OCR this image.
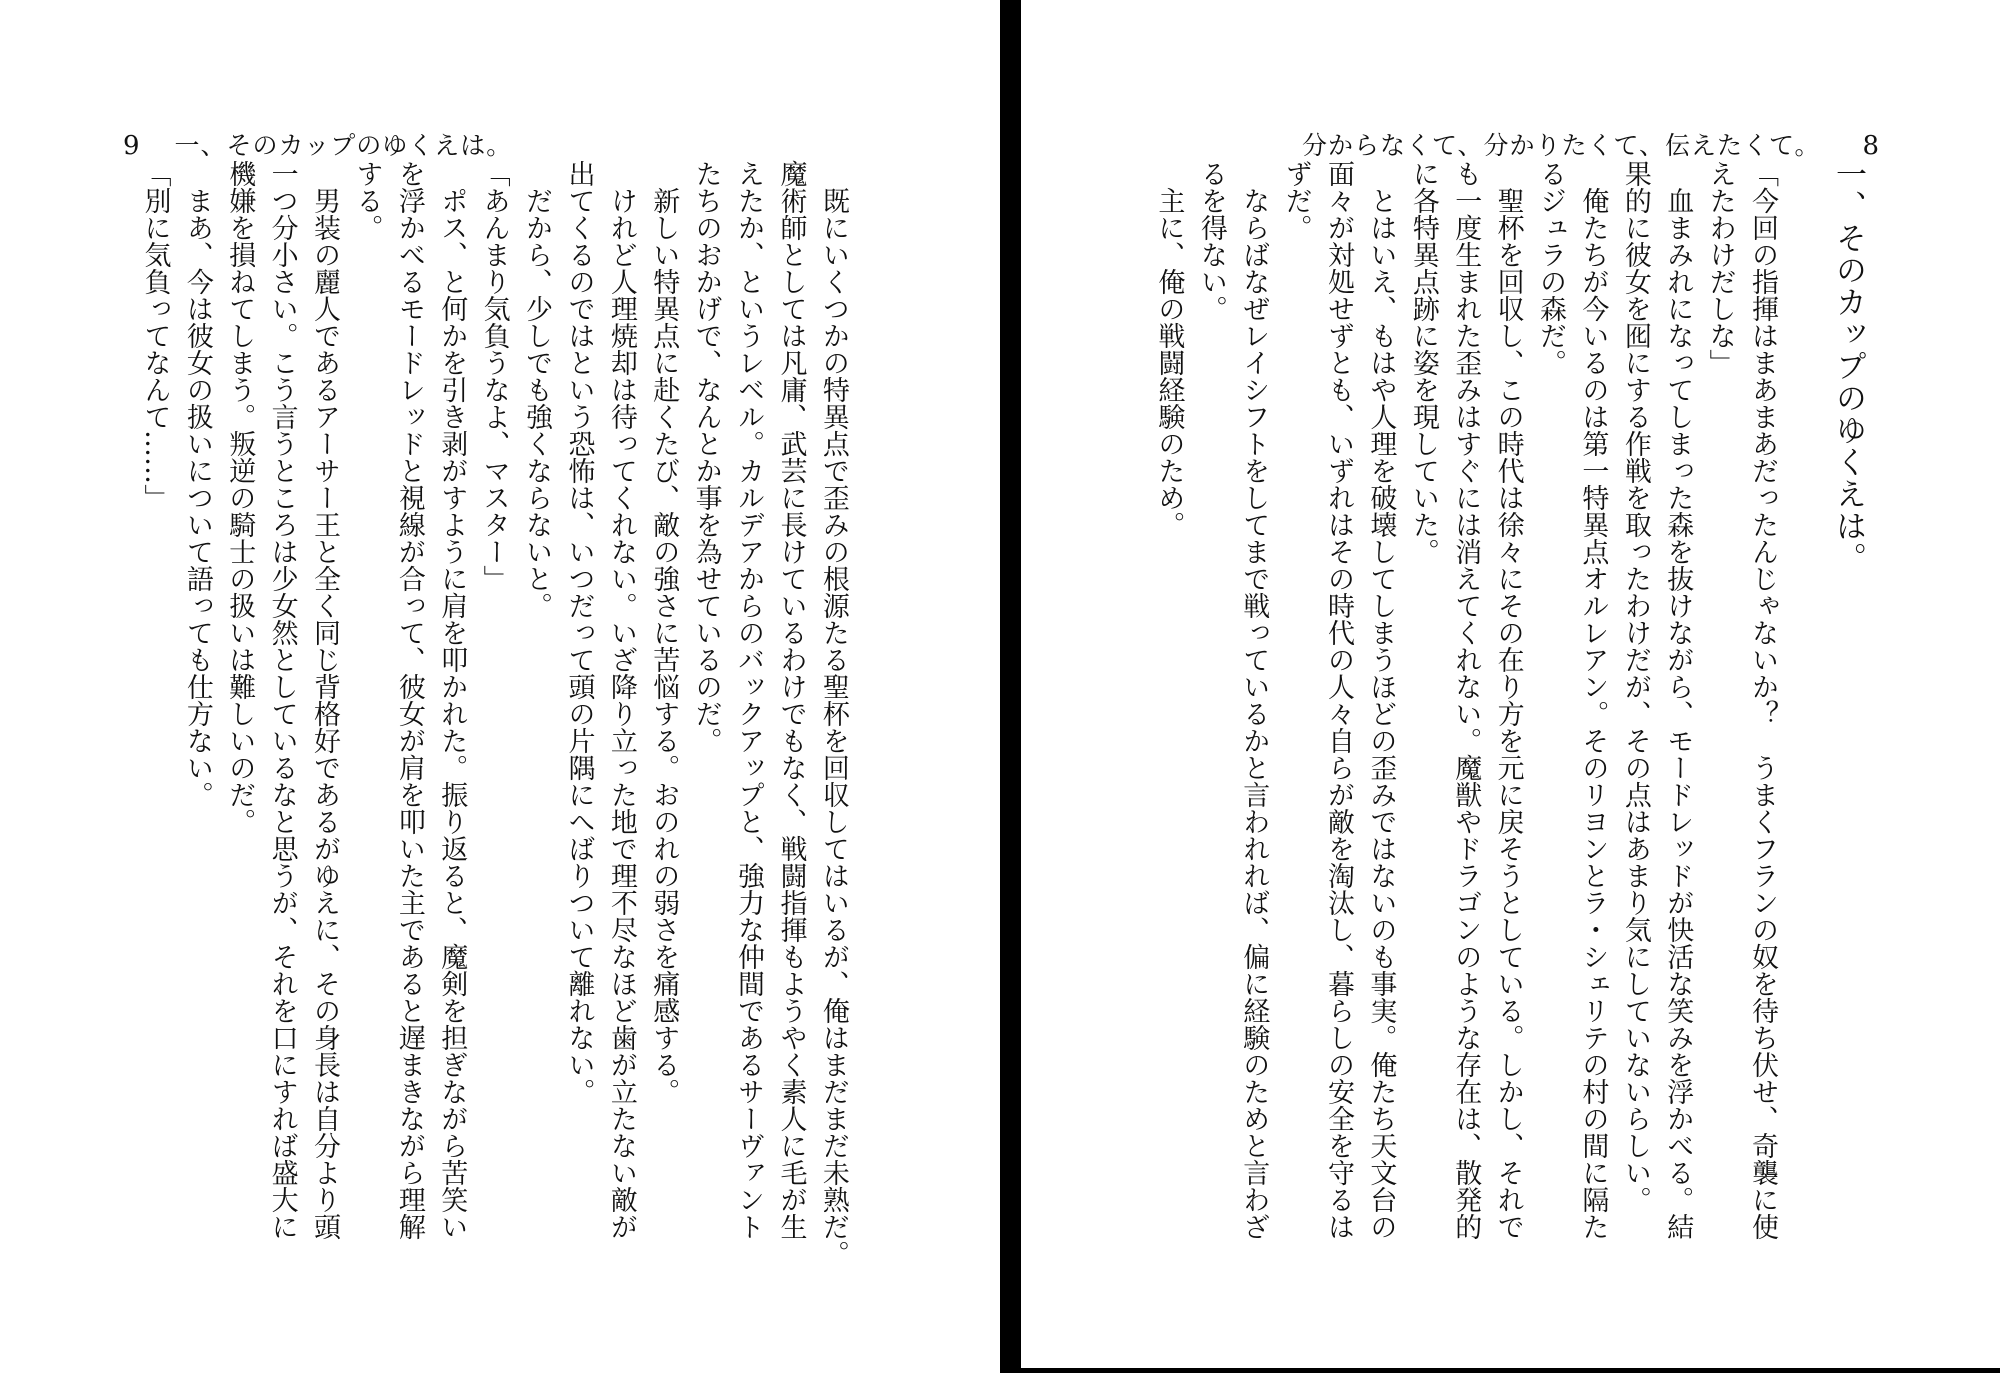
9 一、そのカップのゆくえは。
　既にいくつかの特異点で歪みの根源たる聖杯を回収してはいるが、俺はまだまだ未熟だ。
魔術師としては凡庸、武芸に長けているわけでもなく、戦闘指揮もようやく素人に毛が生
えたか、というレベル。カルデアからのバックアップと、強力な仲間であるサーヴァント
たちのおかげで、なんとか事を為せているのだ。
　新しい特異点に赴くたび、敵の強さに苦悩する。おのれの弱さを痛感する。
　けれど人理焼却は待ってくれない。いざ降り立った地で理不尽なほど歯が立たない敵が
出てくるのではという恐怖は、いつだって頭の片隅にへばりついて離れない。
　だから、少しでも強くならないと。
「あんまり気負うなよ、マスター」
　ポス、と何かを引き剥がすように肩を叩かれた。振り返ると、魔剣を担ぎながら苦笑い
を浮かべるモードレッドと視線が合って、彼女が肩を叩いた主であると遅まきながら理解
する。
　男装の麗人であるアーサー王と全く同じ背格好であるがゆえに、その身長は自分より頭
一つ分小さい。こう言うところは少女然としているなと思うが、それを口にすれば盛大に
機嫌を損ねてしまう。叛逆の騎士の扱いは難しいのだ。
　まあ、今は彼女の扱いについて語っても仕方ない。
「別に気負ってなんて……」
分からなくて、分かりたくて、伝えたくて。 8
一、そのカップのゆくえは。
「今回の指揮はまあまあだったんじゃないか？　うまくフランの奴を待ち伏せ、奇襲に使
えたわけだしな」
　血まみれになってしまった森を抜けながら、モードレッドが快活な笑みを浮かべる。結
果的に彼女を囮にする作戦を取ったわけだが、その点はあまり気にしていないらしい。
　俺たちが今いるのは第一特異点オルレアン。そのリヨンとラ・シェリテの村の間に隔た
るジュラの森だ。
　聖杯を回収し、この時代は徐々にその在り方を元に戻そうとしている。しかし、それで
も一度生まれた歪みはすぐには消えてくれない。魔獣やドラゴンのような存在は、散発的
に各特異点跡に姿を現していた。
　とはいえ、もはや人理を破壊してしまうほどの歪みではないのも事実。俺たち天文台の
面々が対処せずとも、いずれはその時代の人々自らが敵を淘汰し、暮らしの安全を守るは
ずだ。
　ならばなぜレイシフトをしてまで戦っているかと言われれば、偏に経験のためと言わざ
るを得ない。
　主に、俺の戦闘経験のため。
